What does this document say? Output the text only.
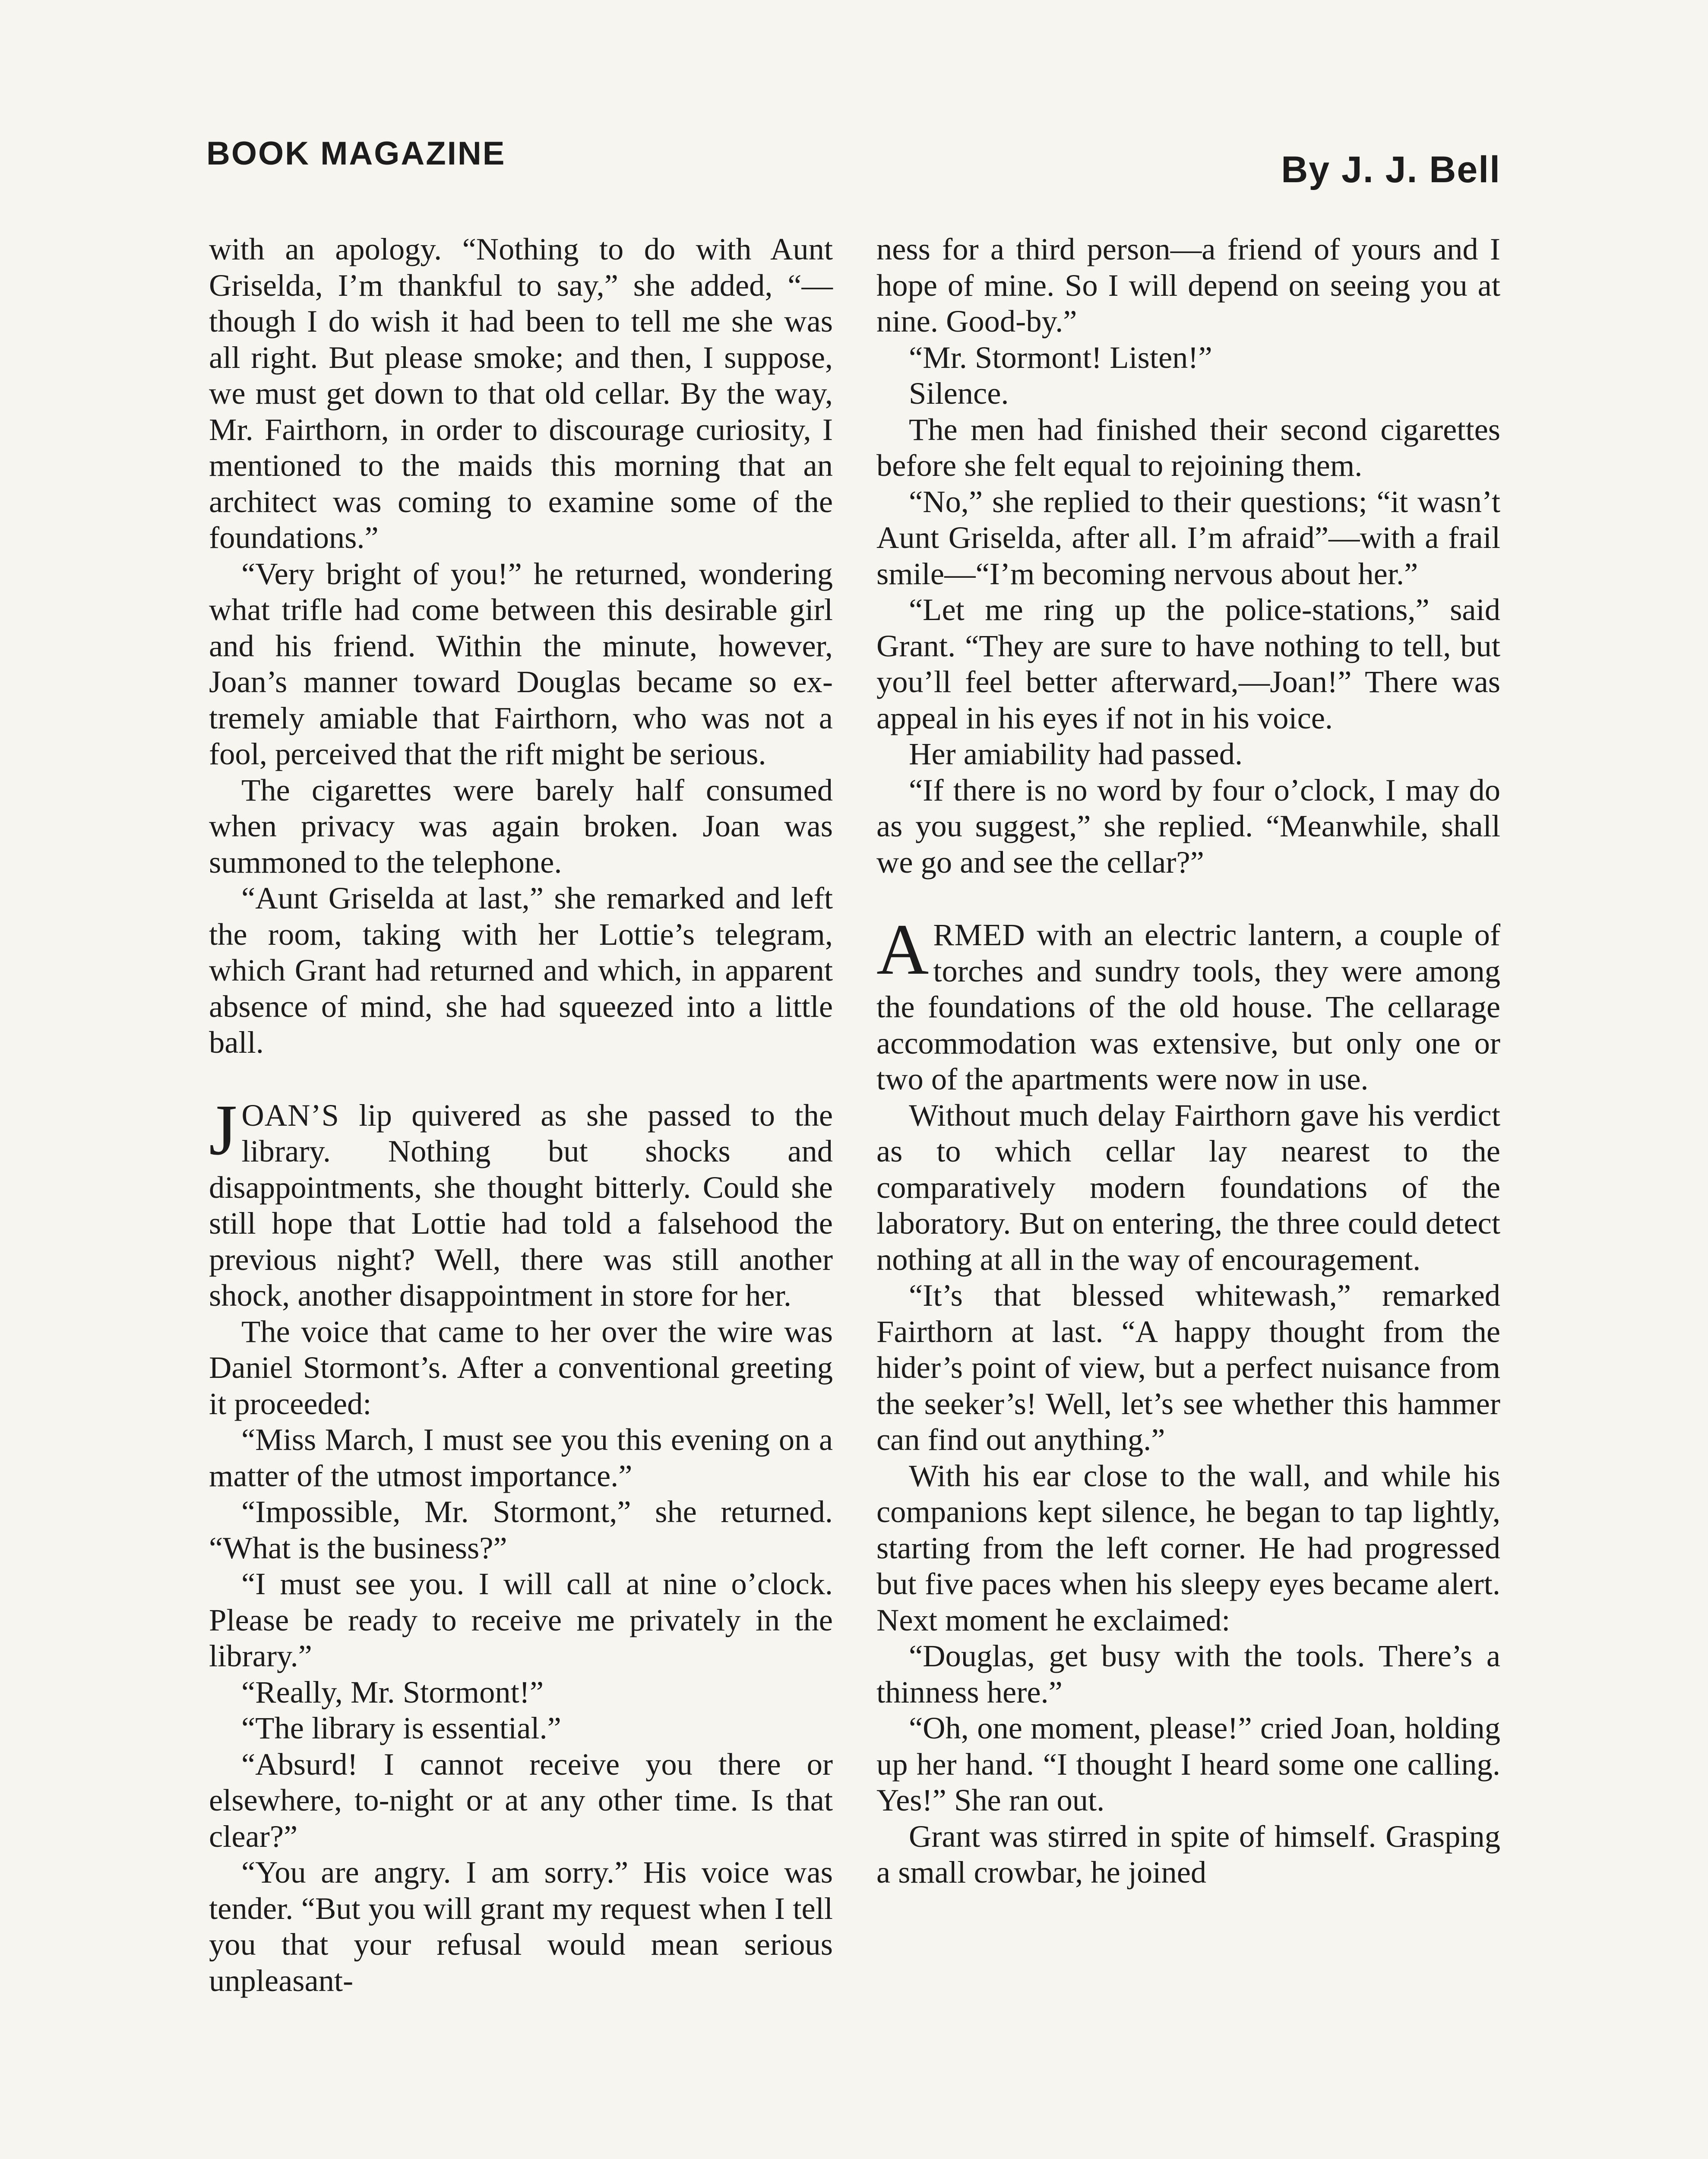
BOOK MAGAZINE	By J. J. Bell

with an apology. “Nothing to do with Aunt Griselda, I’m thankful to say,” she added, “—though I do wish it had been to tell me she was all right. But please smoke; and then, I suppose, we must get down to that old cellar. By the way, Mr. Fairthorn, in order to discourage curiosity, I mentioned to the maids this morning that an architect was coming to examine some of the foundations.”

“Very bright of you!” he returned, wondering what trifle had come between this desirable girl and his friend. Within the minute, however, Joan’s manner toward Douglas became so extremely amiable that Fairthorn, who was not a fool, perceived that the rift might be serious.

The cigarettes were barely half consumed when privacy was again broken. Joan was summoned to the telephone.

“Aunt Griselda at last,” she remarked and left the room, taking with her Lottie’s telegram, which Grant had returned and which, in apparent absence of mind, she had squeezed into a little ball.

JOAN’S lip quivered as she passed to the library. Nothing but shocks and disappointments, she thought bitterly. Could she still hope that Lottie had told a falsehood the previous night? Well, there was still another shock, another disappointment in store for her.

The voice that came to her over the wire was Daniel Stormont’s. After a conventional greeting it proceeded:

“Miss March, I must see you this evening on a matter of the utmost importance.”

“Impossible, Mr. Stormont,” she returned. “What is the business?”

“I must see you. I will call at nine o’clock. Please be ready to receive me privately in the library.”

“Really, Mr. Stormont!”

“The library is essential.”

“Absurd! I cannot receive you there or elsewhere, to-night or at any other time. Is that clear?”

“You are angry. I am sorry.” His voice was tender. “But you will grant my request when I tell you that your refusal would mean serious unpleasant-

ness for a third person—a friend of yours and I hope of mine. So I will depend on seeing you at nine. Good-by.”

“Mr. Stormont! Listen!”

Silence.

The men had finished their second cigarettes before she felt equal to rejoining them.

“No,” she replied to their questions; “it wasn’t Aunt Griselda, after all. I’m afraid”—with a frail smile—“I’m becoming nervous about her.”

“Let me ring up the police-stations,” said Grant. “They are sure to have nothing to tell, but you’ll feel better afterward,—Joan!” There was appeal in his eyes if not in his voice.

Her amiability had passed.

“If there is no word by four o’clock, I may do as you suggest,” she replied. “Meanwhile, shall we go and see the cellar?”

ARMED with an electric lantern, a couple of torches and sundry tools, they were among the foundations of the old house. The cellarage accommodation was extensive, but only one or two of the apartments were now in use.

Without much delay Fairthorn gave his verdict as to which cellar lay nearest to the comparatively modern foundations of the laboratory. But on entering, the three could detect nothing at all in the way of encouragement.

“It’s that blessed whitewash,” remarked Fairthorn at last. “A happy thought from the hider’s point of view, but a perfect nuisance from the seeker’s! Well, let’s see whether this hammer can find out anything.”

With his ear close to the wall, and while his companions kept silence, he began to tap lightly, starting from the left corner. He had progressed but five paces when his sleepy eyes became alert. Next moment he exclaimed:

“Douglas, get busy with the tools. There’s a thinness here.”

“Oh, one moment, please!” cried Joan, holding up her hand. “I thought I heard some one calling. Yes!” She ran out.

Grant was stirred in spite of himself. Grasping a small crowbar, he joined
